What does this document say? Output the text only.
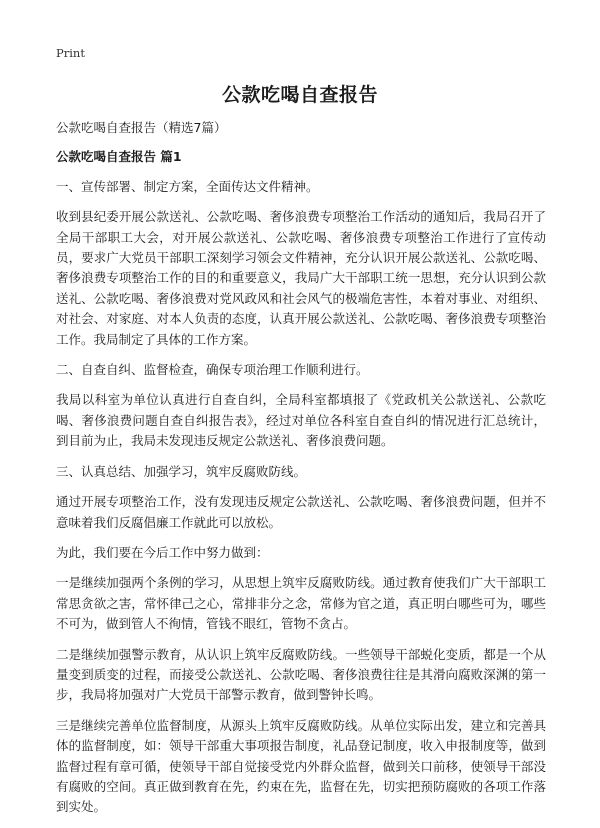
Print
公款吃喝自查报告

公款吃喝自查报告（精选7篇）

公款吃喝自查报告 篇1

一、宣传部署、制定方案，全面传达文件精神。

收到县纪委开展公款送礼、公款吃喝、奢侈浪费专项整治工作活动的通知后，我局召开了全局干部职工大会，对开展公款送礼、公款吃喝、奢侈浪费专项整治工作进行了宣传动员，要求广大党员干部职工深刻学习领会文件精神，充分认识开展公款送礼、公款吃喝、奢侈浪费专项整治工作的目的和重要意义，我局广大干部职工统一思想，充分认识到公款送礼、公款吃喝、奢侈浪费对党风政风和社会风气的极端危害性，本着对事业、对组织、对社会、对家庭、对本人负责的态度，认真开展公款送礼、公款吃喝、奢侈浪费专项整治工作。我局制定了具体的工作方案。

二、自查自纠、监督检查，确保专项治理工作顺利进行。

我局以科室为单位认真进行自查自纠，全局科室都填报了《党政机关公款送礼、公款吃喝、奢侈浪费问题自查自纠报告表》，经过对单位各科室自查自纠的情况进行汇总统计，到目前为止，我局未发现违反规定公款送礼、奢侈浪费问题。

三、认真总结、加强学习，筑牢反腐败防线。

通过开展专项整治工作，没有发现违反规定公款送礼、公款吃喝、奢侈浪费问题，但并不意味着我们反腐倡廉工作就此可以放松。

为此，我们要在今后工作中努力做到：

一是继续加强两个条例的学习，从思想上筑牢反腐败防线。通过教育使我们广大干部职工常思贪欲之害，常怀律己之心，常排非分之念，常修为官之道，真正明白哪些可为，哪些不可为，做到管人不徇情，管钱不眼红，管物不贪占。

二是继续加强警示教育，从认识上筑牢反腐败防线。一些领导干部蜕化变质，都是一个从量变到质变的过程，而接受公款送礼、公款吃喝、奢侈浪费往往是其滑向腐败深渊的第一步，我局将加强对广大党员干部警示教育，做到警钟长鸣。

三是继续完善单位监督制度，从源头上筑牢反腐败防线。从单位实际出发，建立和完善具体的监督制度，如：领导干部重大事项报告制度，礼品登记制度，收入申报制度等，做到监督过程有章可循，使领导干部自觉接受党内外群众监督，做到关口前移，使领导干部没有腐败的空间。真正做到教育在先，约束在先，监督在先，切实把预防腐败的各项工作落到实处。
